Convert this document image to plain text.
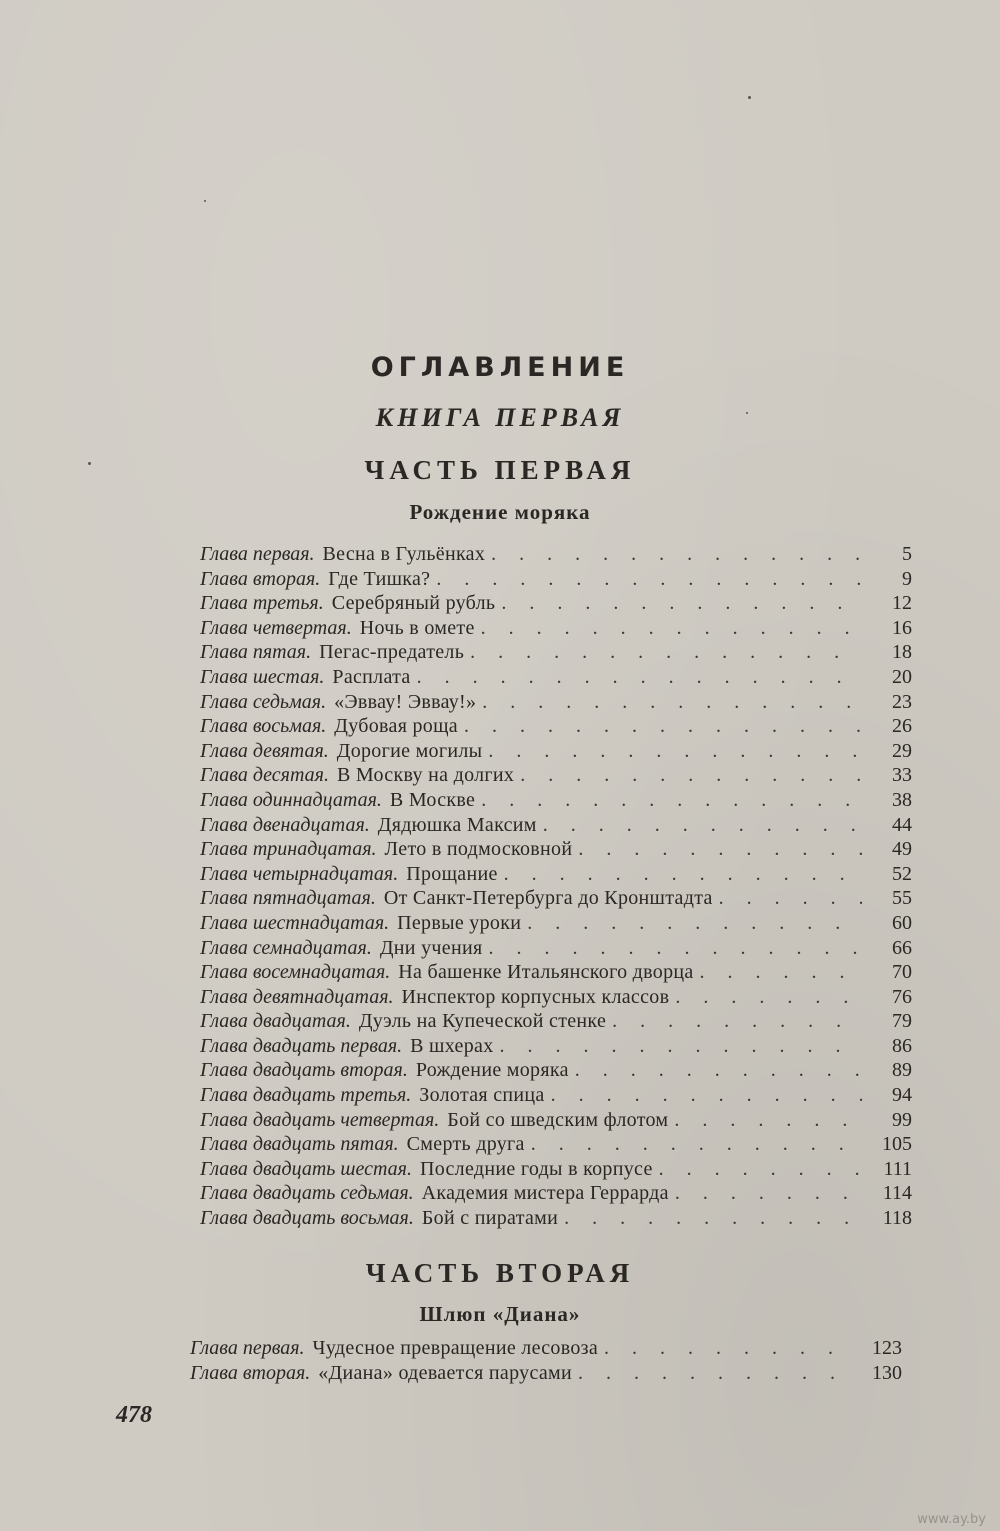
ОГЛАВЛЕНИЕ
КНИГА ПЕРВАЯ
ЧАСТЬ ПЕРВАЯ
Рождение моряка
Глава первая. Весна в Гульёнках . . .	5
Глава вторая. Где Тишка? . . .	9
Глава третья. Серебряный рубль . . .	12
Глава четвертая. Ночь в омете . . .	16
Глава пятая. Пегас-предатель . . .	18
Глава шестая. Расплата . . .	20
Глава седьмая. «Эввау! Эввау!» . . .	23
Глава восьмая. Дубовая роща . . .	26
Глава девятая. Дорогие могилы . . .	29
Глава десятая. В Москву на долгих . . .	33
Глава одиннадцатая. В Москве . . .	38
Глава двенадцатая. Дядюшка Максим . . .	44
Глава тринадцатая. Лето в подмосковной . . .	49
Глава четырнадцатая. Прощание . . .	52
Глава пятнадцатая. От Санкт-Петербурга до Кронштадта . . .	55
Глава шестнадцатая. Первые уроки . . .	60
Глава семнадцатая. Дни учения . . .	66
Глава восемнадцатая. На башенке Итальянского дворца . . .	70
Глава девятнадцатая. Инспектор корпусных классов . . .	76
Глава двадцатая. Дуэль на Купеческой стенке . . .	79
Глава двадцать первая. В шхерах . . .	86
Глава двадцать вторая. Рождение моряка . . .	89
Глава двадцать третья. Золотая спица . . .	94
Глава двадцать четвертая. Бой со шведским флотом . . .	99
Глава двадцать пятая. Смерть друга . . .	105
Глава двадцать шестая. Последние годы в корпусе . . .	111
Глава двадцать седьмая. Академия мистера Геррарда . . .	114
Глава двадцать восьмая. Бой с пиратами . . .	118
ЧАСТЬ ВТОРАЯ
Шлюп «Диана»
Глава первая. Чудесное превращение лесовоза . . .	123
Глава вторая. «Диана» одевается парусами . . .	130

478

www.ay.by
